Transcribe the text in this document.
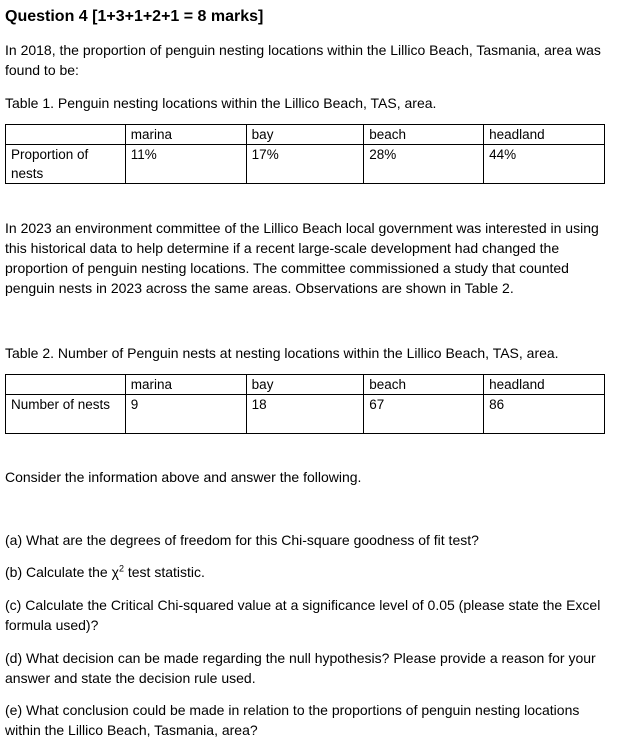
Question 4 [1+3+1+2+1 = 8 marks]

In 2018, the proportion of penguin nesting locations within the Lillico Beach, Tasmania, area was found to be:

Table 1. Penguin nesting locations within the Lillico Beach, TAS, area.
	marina	bay	beach	headland
Proportion of nests	11%	17%	28%	44%

In 2023 an environment committee of the Lillico Beach local government was interested in using this historical data to help determine if a recent large-scale development had changed the proportion of penguin nesting locations. The committee commissioned a study that counted penguin nests in 2023 across the same areas. Observations are shown in Table 2.

Table 2. Number of Penguin nests at nesting locations within the Lillico Beach, TAS, area.
	marina	bay	beach	headland
Number of nests	9	18	67	86
Consider the information above and answer the following.
(a) What are the degrees of freedom for this Chi-square goodness of fit test?
(b) Calculate the $\chi^2$ test statistic.

(c) Calculate the Critical Chi-squared value at a significance level of 0.05 (please state the Excel formula used)?

(d) What decision can be made regarding the null hypothesis? Please provide a reason for your answer and state the decision rule used.

(e) What conclusion could be made in relation to the proportions of penguin nesting locations within the Lillico Beach, Tasmania, area?
